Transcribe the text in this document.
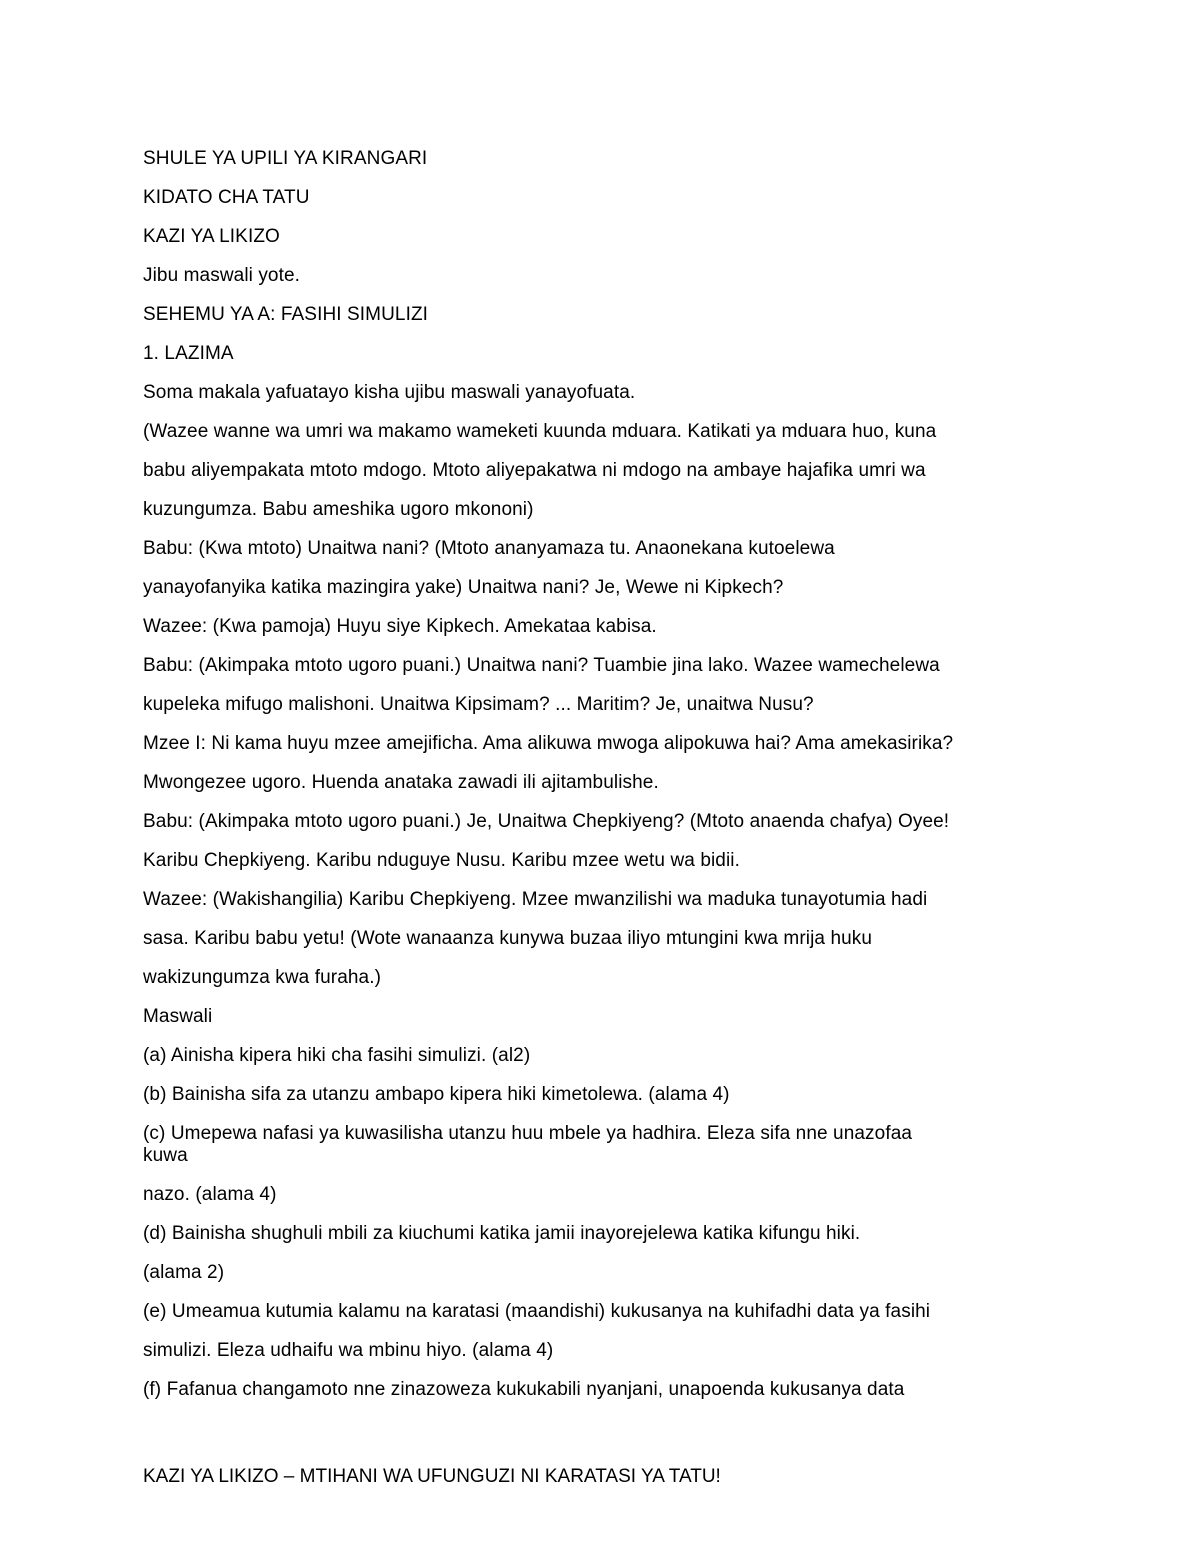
SHULE YA UPILI YA KIRANGARI
KIDATO CHA TATU
KAZI YA LIKIZO
Jibu maswali yote.
SEHEMU YA A: FASIHI SIMULIZI
1. LAZIMA
Soma makala yafuatayo kisha ujibu maswali yanayofuata.
(Wazee wanne wa umri wa makamo wameketi kuunda mduara. Katikati ya mduara huo, kuna
babu aliyempakata mtoto mdogo. Mtoto aliyepakatwa ni mdogo na ambaye hajafika umri wa
kuzungumza. Babu ameshika ugoro mkononi)
Babu: (Kwa mtoto) Unaitwa nani? (Mtoto ananyamaza tu. Anaonekana kutoelewa
yanayofanyika katika mazingira yake) Unaitwa nani? Je, Wewe ni Kipkech?
Wazee: (Kwa pamoja) Huyu siye Kipkech. Amekataa kabisa.
Babu: (Akimpaka mtoto ugoro puani.) Unaitwa nani? Tuambie jina lako. Wazee wamechelewa
kupeleka mifugo malishoni. Unaitwa Kipsimam? ... Maritim? Je, unaitwa Nusu?
Mzee I: Ni kama huyu mzee amejificha. Ama alikuwa mwoga alipokuwa hai? Ama amekasirika?
Mwongezee ugoro. Huenda anataka zawadi ili ajitambulishe.
Babu: (Akimpaka mtoto ugoro puani.) Je, Unaitwa Chepkiyeng? (Mtoto anaenda chafya) Oyee!
Karibu Chepkiyeng. Karibu nduguye Nusu. Karibu mzee wetu wa bidii.
Wazee: (Wakishangilia) Karibu Chepkiyeng. Mzee mwanzilishi wa maduka tunayotumia hadi
sasa. Karibu babu yetu! (Wote wanaanza kunywa buzaa iliyo mtungini kwa mrija huku
wakizungumza kwa furaha.)
Maswali
(a) Ainisha kipera hiki cha fasihi simulizi. (al2)
(b) Bainisha sifa za utanzu ambapo kipera hiki kimetolewa. (alama 4)
(c) Umepewa nafasi ya kuwasilisha utanzu huu mbele ya hadhira. Eleza sifa nne unazofaa
kuwa
nazo. (alama 4)
(d) Bainisha shughuli mbili za kiuchumi katika jamii inayorejelewa katika kifungu hiki.
(alama 2)
(e) Umeamua kutumia kalamu na karatasi (maandishi) kukusanya na kuhifadhi data ya fasihi
simulizi. Eleza udhaifu wa mbinu hiyo. (alama 4)
(f) Fafanua changamoto nne zinazoweza kukukabili nyanjani, unapoenda kukusanya data
KAZI YA LIKIZO – MTIHANI WA UFUNGUZI NI KARATASI YA TATU!
